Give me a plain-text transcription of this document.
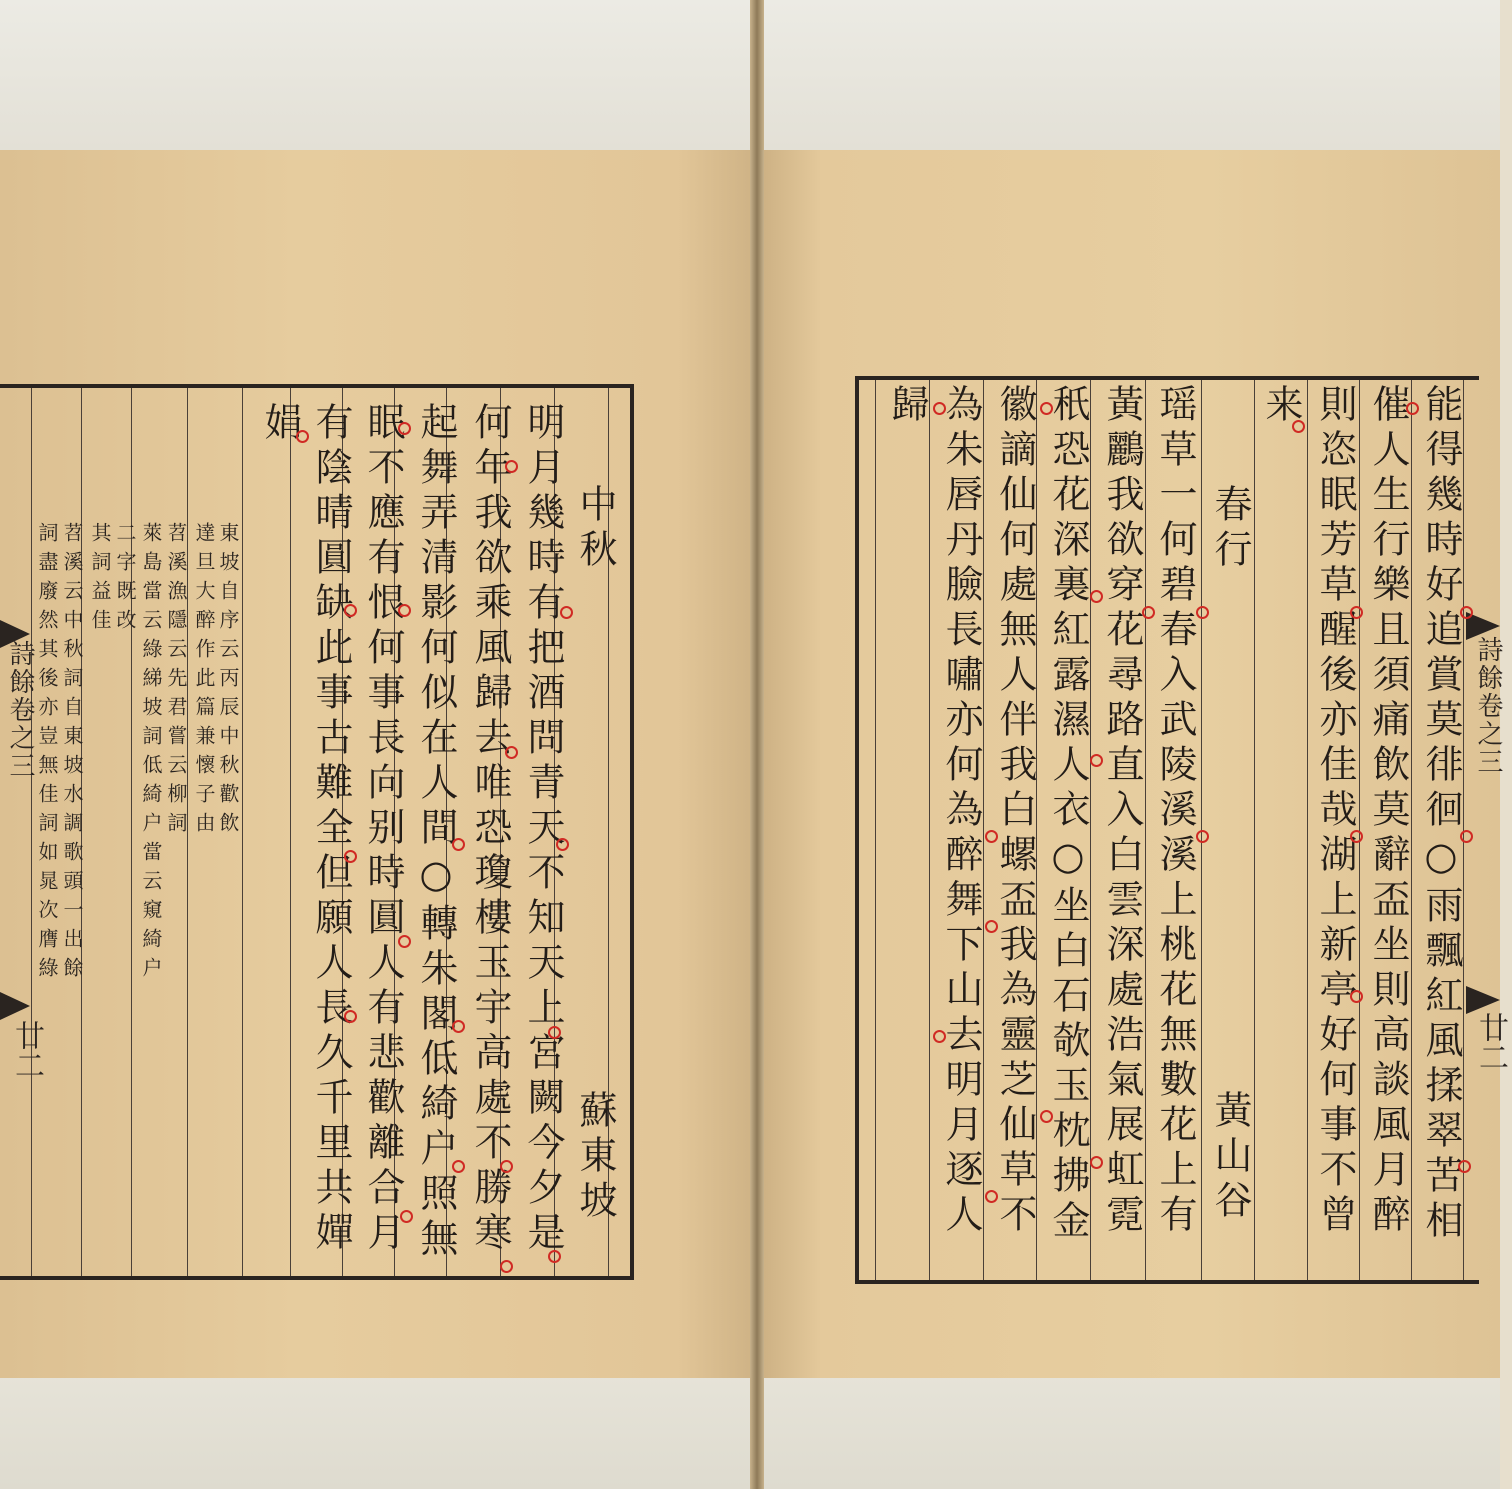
中秋
蘇東坡
明月幾時有把酒問青天不知天上宮闕今夕是
何年我欲乘風歸去唯恐瓊樓玉宇高處不勝寒
起舞弄清影何似在人間○轉朱閣低綺户照無
眠不應有恨何事長向别時圓人有悲歡離合月
有陰晴圓缺此事古難全但願人長久千里共嬋
娟
東坡自序云丙辰中秋歡飲
達旦大醉作此篇兼懷子由
苕溪漁隱云先君嘗云柳詞
萊島當云綠綈坡詞低綺户當云窺綺户
二字既改
其詞益佳
苕溪云中秋詞自東坡水調歌頭一出餘
詞盡廢然其後亦豈無佳詞如晁次膺綠
詩餘卷之三
廿二	能得幾時好追賞莫徘徊○雨飄紅風揉翠苦相
催人生行樂且須痛飲莫辭盃坐則高談風月醉
則恣眠芳草醒後亦佳哉湖上新亭好何事不曾
来
春行
黃山谷
瑶草一何碧春入武陵溪溪上桃花無數花上有
黃鸝我欲穿花尋路直入白雲深處浩氣展虹霓
秖恐花深裏紅露濕人衣○坐白石欹玉枕拂金
徽謫仙何處無人伴我白螺盃我為靈芝仙草不
為朱唇丹臉長嘯亦何為醉舞下山去明月逐人
歸
詩餘卷之三
廿二
